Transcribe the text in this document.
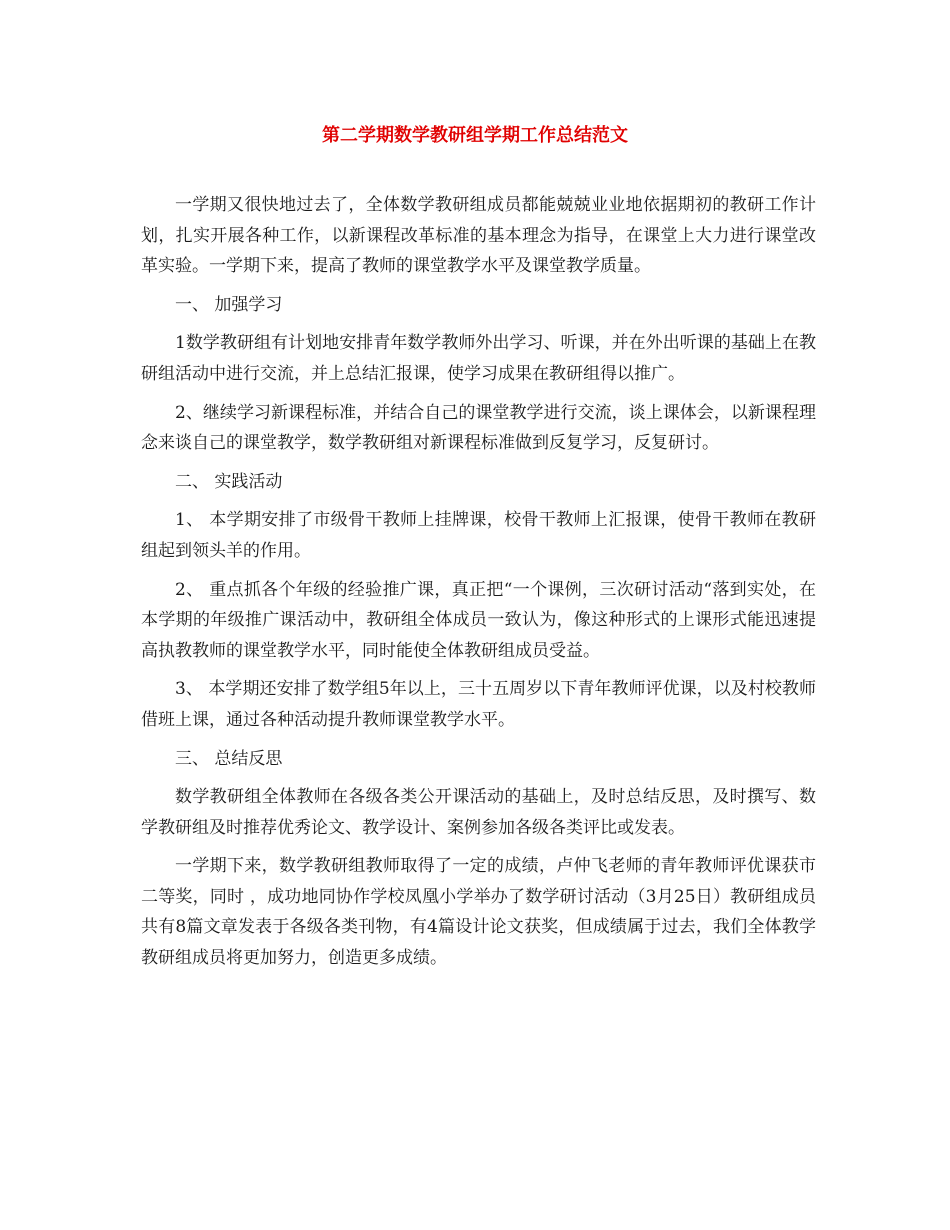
第二学期数学教研组学期工作总结范文

一学期又很快地过去了，全体数学教研组成员都能兢兢业业地依据期初的教研工作计划，扎实开展各种工作，以新课程改革标准的基本理念为指导，在课堂上大力进行课堂改革实验。一学期下来，提高了教师的课堂教学水平及课堂教学质量。

一、 加强学习

1数学教研组有计划地安排青年数学教师外出学习、听课，并在外出听课的基础上在教研组活动中进行交流，并上总结汇报课，使学习成果在教研组得以推广。

2、继续学习新课程标准，并结合自己的课堂教学进行交流，谈上课体会，以新课程理念来谈自己的课堂教学，数学教研组对新课程标准做到反复学习，反复研讨。

二、 实践活动

1、 本学期安排了市级骨干教师上挂牌课，校骨干教师上汇报课，使骨干教师在教研组起到领头羊的作用。

2、 重点抓各个年级的经验推广课，真正把“一个课例，三次研讨活动“落到实处，在本学期的年级推广课活动中，教研组全体成员一致认为，像这种形式的上课形式能迅速提高执教教师的课堂教学水平，同时能使全体教研组成员受益。

3、 本学期还安排了数学组5年以上，三十五周岁以下青年教师评优课，以及村校教师借班上课，通过各种活动提升教师课堂教学水平。

三、 总结反思

数学教研组全体教师在各级各类公开课活动的基础上，及时总结反思，及时撰写、数学教研组及时推荐优秀论文、教学设计、案例参加各级各类评比或发表。

一学期下来，数学教研组教师取得了一定的成绩，卢仲飞老师的青年教师评优课获市二等奖，同时 ，成功地同协作学校凤凰小学举办了数学研讨活动（3月25日）教研组成员共有8篇文章发表于各级各类刊物，有4篇设计论文获奖，但成绩属于过去，我们全体教学教研组成员将更加努力，创造更多成绩。
